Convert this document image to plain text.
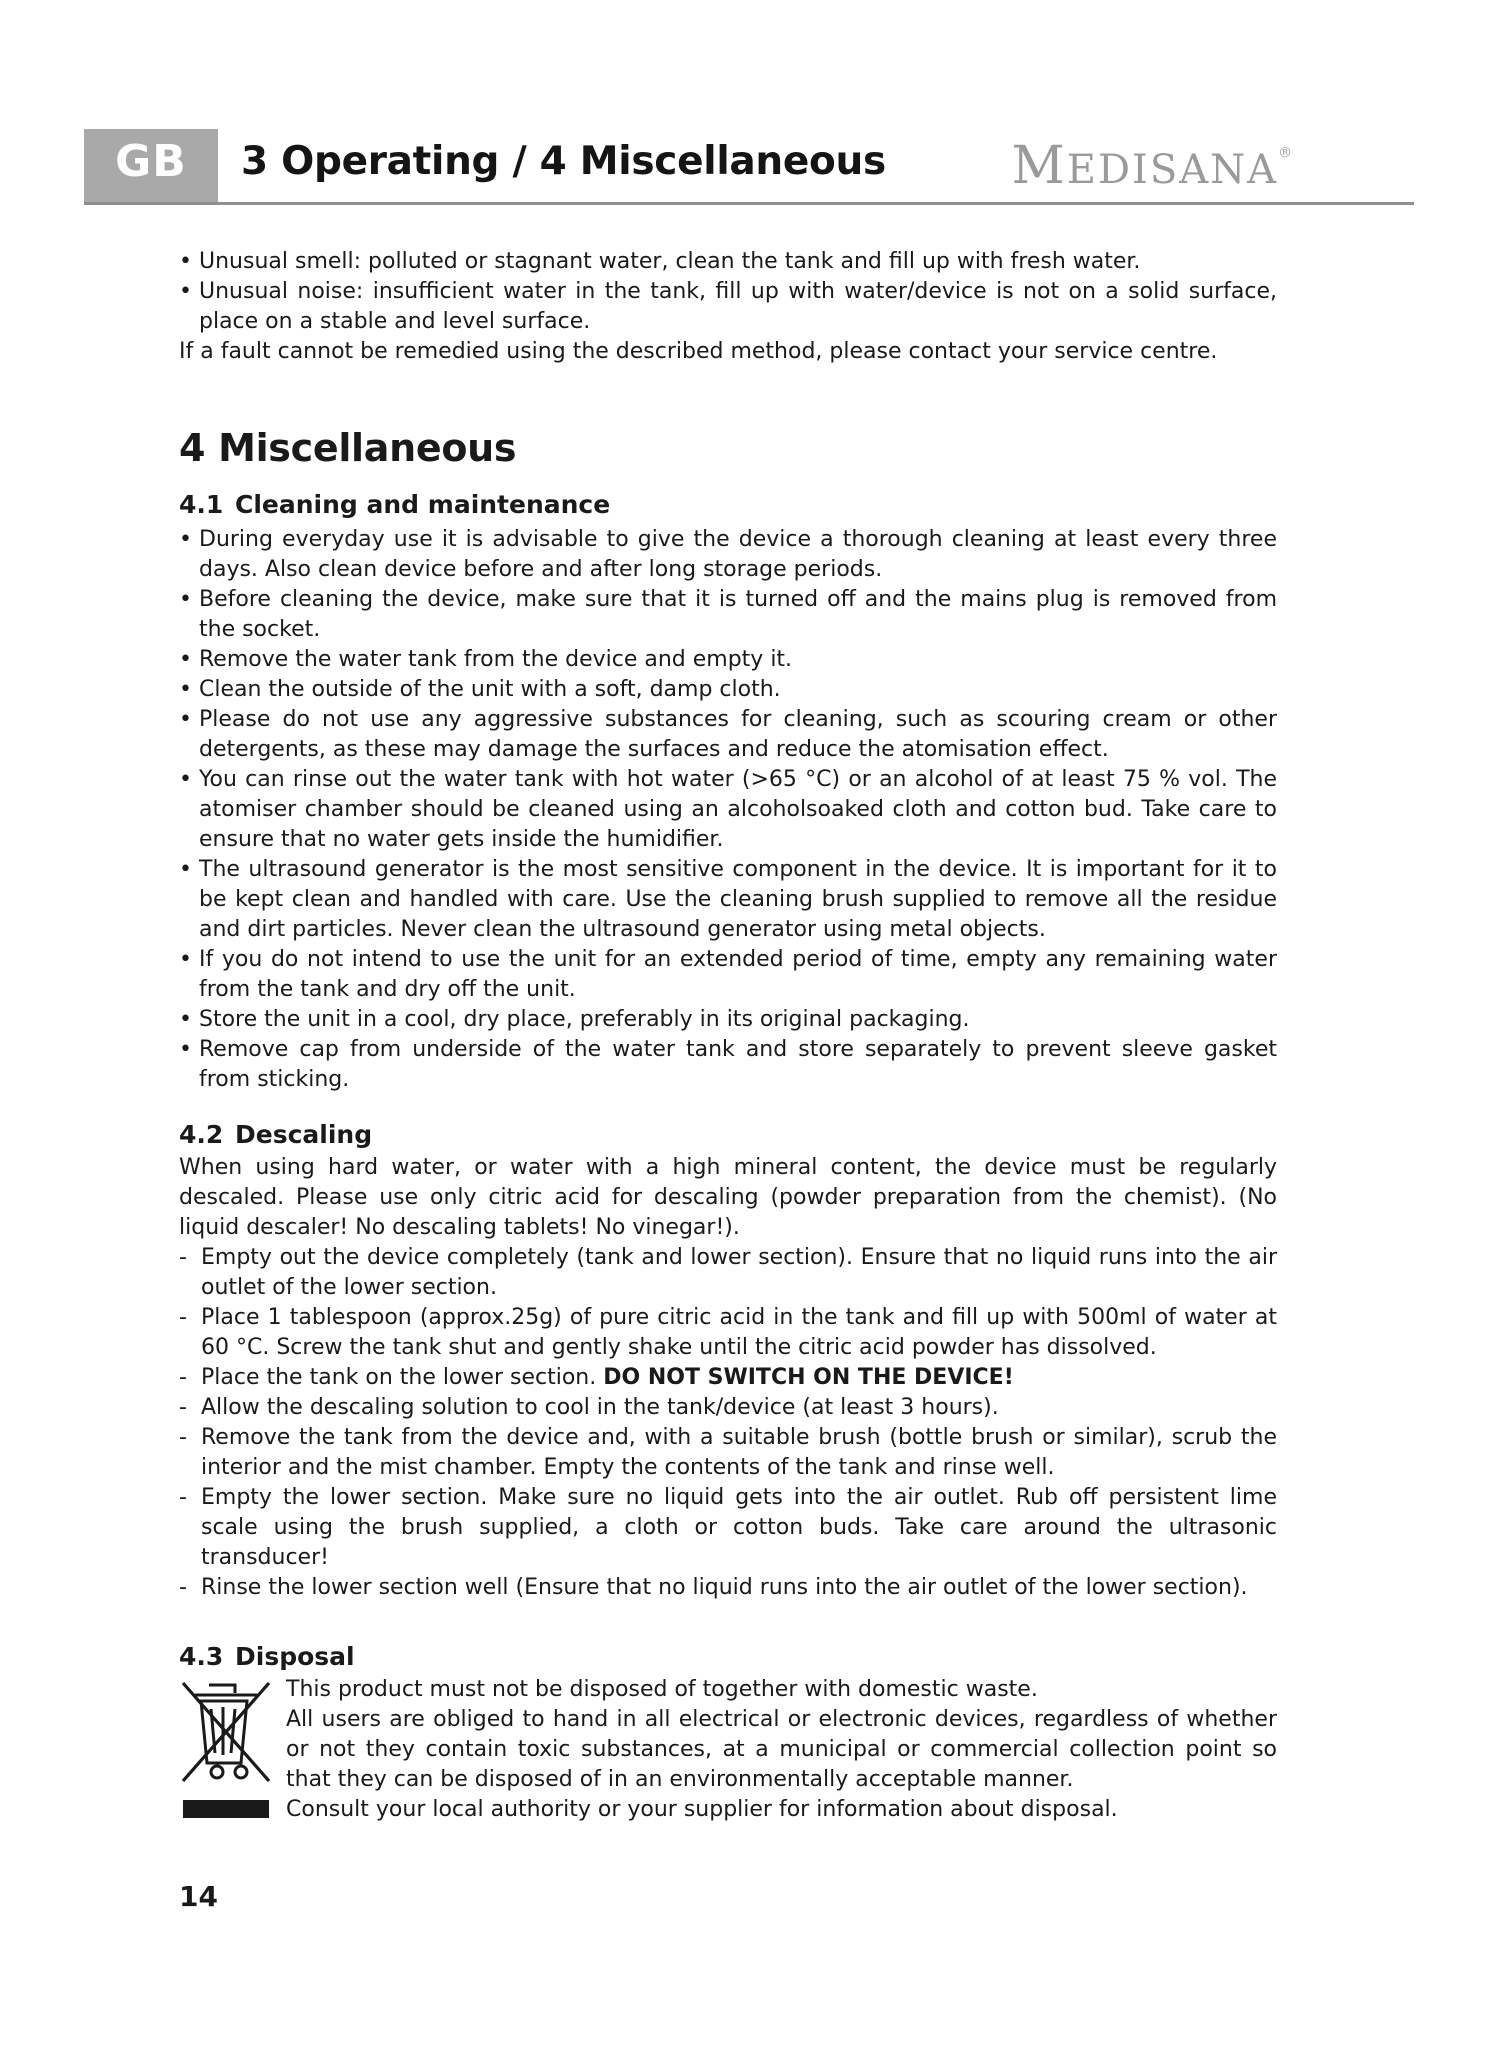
GB	3 Operating / 4 Miscellaneous MEDISANA®

• Unusual smell: polluted or stagnant water, clean the tank and fill up with fresh water.

• Unusual noise: insufficient water in the tank, fill up with water/device is not on a solid surface, place on a stable and level surface.

If a fault cannot be remedied using the described method, please contact your service centre.

4 Miscellaneous
4.1 Cleaning and maintenance

• During everyday use it is advisable to give the device a thorough cleaning at least every three days. Also clean device before and after long storage periods.

• Before cleaning the device, make sure that it is turned off and the mains plug is removed from the socket.

• Remove the water tank from the device and empty it.

• Clean the outside of the unit with a soft, damp cloth.

• Please do not use any aggressive substances for cleaning, such as scouring cream or other detergents, as these may damage the surfaces and reduce the atomisation effect.

• You can rinse out the water tank with hot water (>65 °C) or an alcohol of at least 75 % vol. The atomiser chamber should be cleaned using an alcoholsoaked cloth and cotton bud. Take care to ensure that no water gets inside the humidifier.

• The ultrasound generator is the most sensitive component in the device. It is important for it to be kept clean and handled with care. Use the cleaning brush supplied to remove all the residue and dirt particles. Never clean the ultrasound generator using metal objects.

• If you do not intend to use the unit for an extended period of time, empty any remaining water from the tank and dry off the unit.

• Store the unit in a cool, dry place, preferably in its original packaging.

• Remove cap from underside of the water tank and store separately to prevent sleeve gasket from sticking.

4.2 Descaling

When using hard water, or water with a high mineral content, the device must be regularly descaled. Please use only citric acid for descaling (powder preparation from the chemist). (No liquid descaler! No descaling tablets! No vinegar!).

- Empty out the device completely (tank and lower section). Ensure that no liquid runs into the air outlet of the lower section.

- Place 1 tablespoon (approx.25g) of pure citric acid in the tank and fill up with 500ml of water at 60 °C. Screw the tank shut and gently shake until the citric acid powder has dissolved.

- Place the tank on the lower section. DO NOT SWITCH ON THE DEVICE!

- Allow the descaling solution to cool in the tank/device (at least 3 hours).

- Remove the tank from the device and, with a suitable brush (bottle brush or similar), scrub the interior and the mist chamber. Empty the contents of the tank and rinse well.

- Empty the lower section. Make sure no liquid gets into the air outlet. Rub off persistent lime scale using the brush supplied, a cloth or cotton buds. Take care around the ultrasonic transducer!

- Rinse the lower section well (Ensure that no liquid runs into the air outlet of the lower section).

4.3 Disposal

This product must not be disposed of together with domestic waste.

All users are obliged to hand in all electrical or electronic devices, regardless of whether or not they contain toxic substances, at a municipal or commercial collection point so that they can be disposed of in an environmentally acceptable manner.

Consult your local authority or your supplier for information about disposal.

14
